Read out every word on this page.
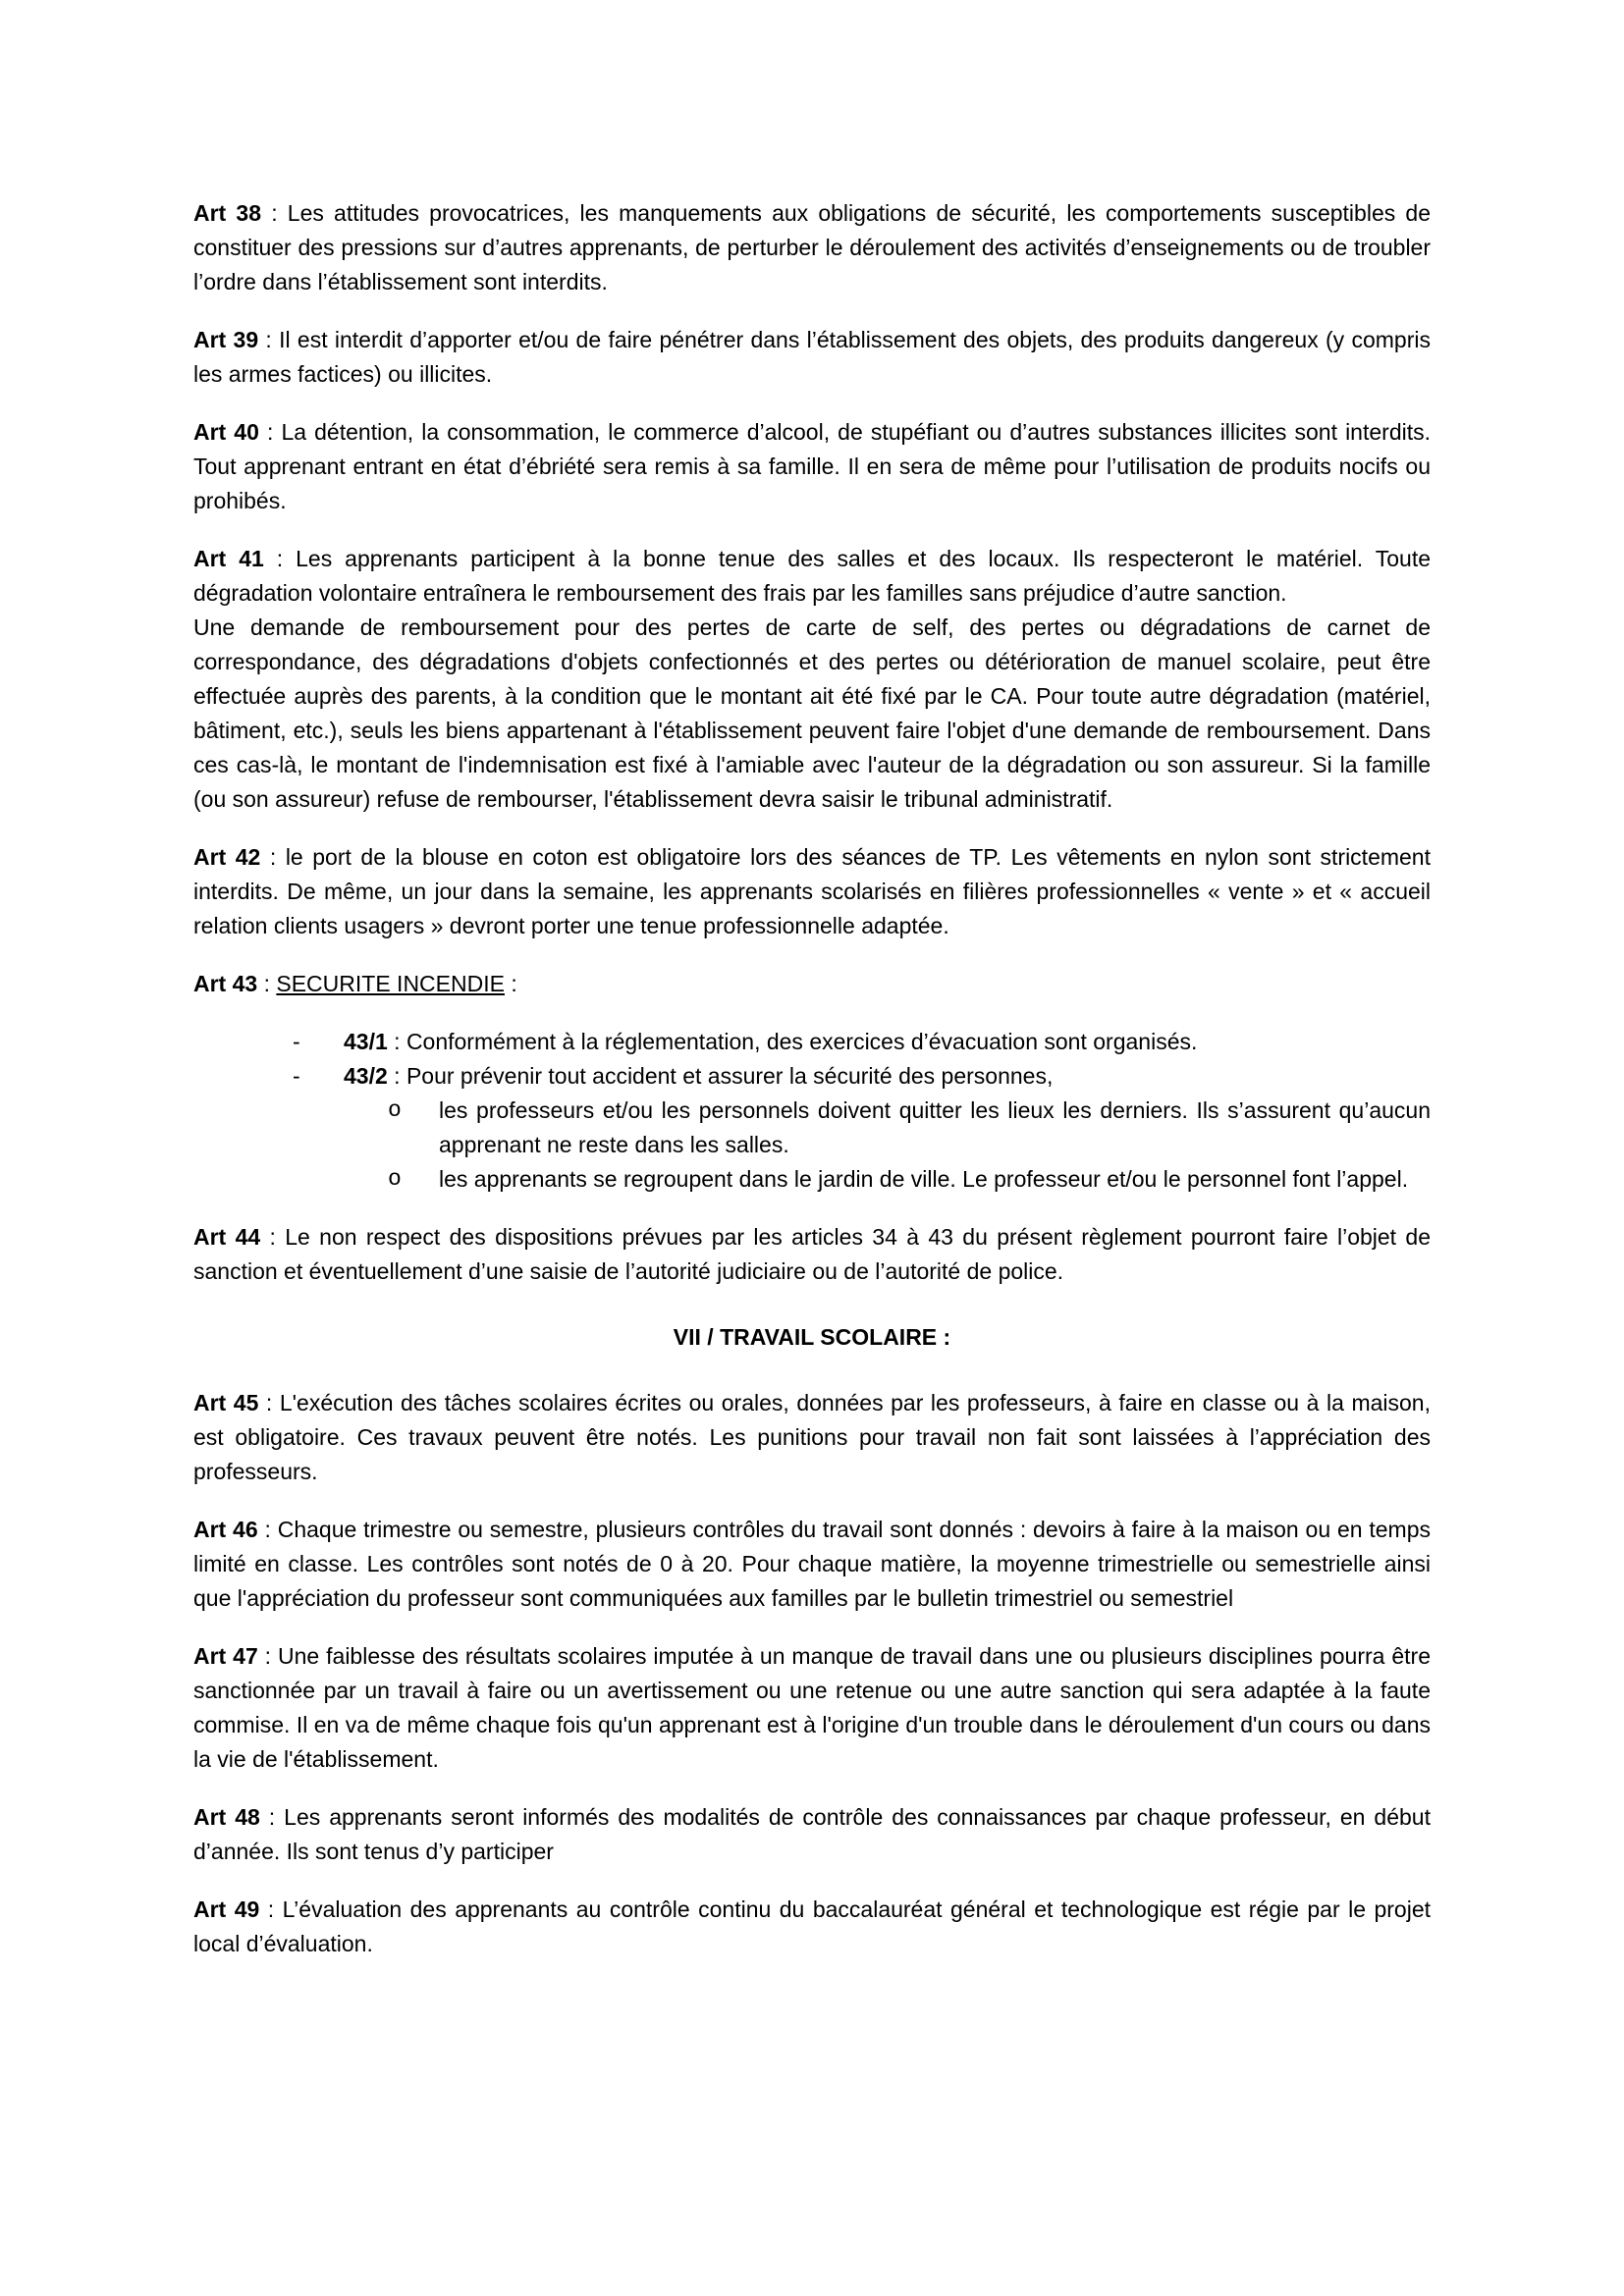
Art 38 : Les attitudes provocatrices, les manquements aux obligations de sécurité, les comportements susceptibles de constituer des pressions sur d’autres apprenants, de perturber le déroulement des activités d’enseignements ou de troubler l’ordre dans l’établissement sont interdits.

Art 39 : Il est interdit d’apporter et/ou de faire pénétrer dans l’établissement des objets, des produits dangereux (y compris les armes factices) ou illicites.

Art 40 : La détention, la consommation, le commerce d’alcool, de stupéfiant ou d’autres substances illicites sont interdits. Tout apprenant entrant en état d’ébriété sera remis à sa famille. Il en sera de même pour l’utilisation de produits nocifs ou prohibés.

Art 41 : Les apprenants participent à la bonne tenue des salles et des locaux. Ils respecteront le matériel. Toute dégradation volontaire entraînera le remboursement des frais par les familles sans préjudice d’autre sanction.

Une demande de remboursement pour des pertes de carte de self, des pertes ou dégradations de carnet de correspondance, des dégradations d'objets confectionnés et des pertes ou détérioration de manuel scolaire, peut être effectuée auprès des parents, à la condition que le montant ait été fixé par le CA. Pour toute autre dégradation (matériel, bâtiment, etc.), seuls les biens appartenant à l'établissement peuvent faire l'objet d'une demande de remboursement. Dans ces cas-là, le montant de l'indemnisation est fixé à l'amiable avec l'auteur de la dégradation ou son assureur. Si la famille (ou son assureur) refuse de rembourser, l'établissement devra saisir le tribunal administratif.

Art 42 : le port de la blouse en coton est obligatoire lors des séances de TP. Les vêtements en nylon sont strictement interdits. De même, un jour dans la semaine, les apprenants scolarisés en filières professionnelles « vente » et « accueil relation clients usagers » devront porter une tenue professionnelle adaptée.

Art 43 : SECURITE INCENDIE :

-	43/1 : Conformément à la réglementation, des exercices d’évacuation sont organisés.
-	43/2 : Pour prévenir tout accident et assurer la sécurité des personnes,
o	les professeurs et/ou les personnels doivent quitter les lieux les derniers. Ils s’assurent qu’aucun apprenant ne reste dans les salles.
o	les apprenants se regroupent dans le jardin de ville. Le professeur et/ou le personnel font l’appel.

Art 44 : Le non respect des dispositions prévues par les articles 34 à 43 du présent règlement pourront faire l’objet de sanction et éventuellement d’une saisie de l’autorité judiciaire ou de l’autorité de police.

VII / TRAVAIL SCOLAIRE :

Art 45 : L'exécution des tâches scolaires écrites ou orales, données par les professeurs, à faire en classe ou à la maison, est obligatoire. Ces travaux peuvent être notés. Les punitions pour travail non fait sont laissées à l’appréciation des professeurs.

Art 46 : Chaque trimestre ou semestre, plusieurs contrôles du travail sont donnés : devoirs à faire à la maison ou en temps limité en classe. Les contrôles sont notés de 0 à 20. Pour chaque matière, la moyenne trimestrielle ou semestrielle ainsi que l'appréciation du professeur sont communiquées aux familles par le bulletin trimestriel ou semestriel

Art 47 : Une faiblesse des résultats scolaires imputée à un manque de travail dans une ou plusieurs disciplines pourra être sanctionnée par un travail à faire ou un avertissement ou une retenue ou une autre sanction qui sera adaptée à la faute commise. Il en va de même chaque fois qu'un apprenant est à l'origine d'un trouble dans le déroulement d'un cours ou dans la vie de l'établissement.

Art 48 : Les apprenants seront informés des modalités de contrôle des connaissances par chaque professeur, en début d’année. Ils sont tenus d’y participer

Art 49 : L’évaluation des apprenants au contrôle continu du baccalauréat général et technologique est régie par le projet local d’évaluation.
